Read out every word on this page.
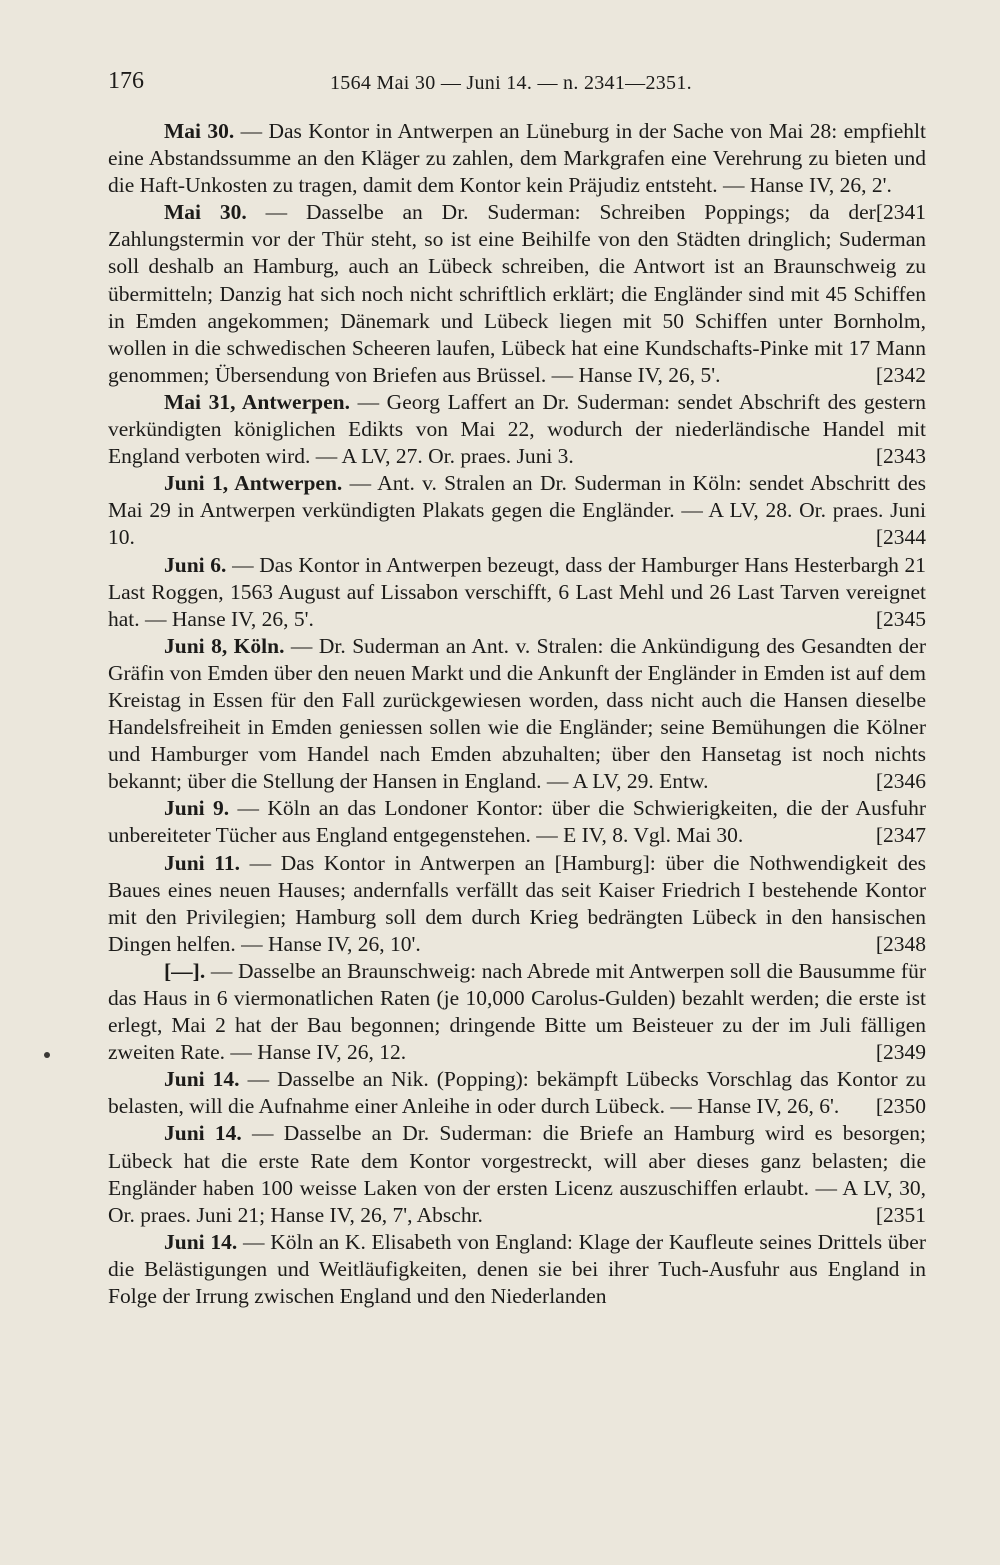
176	1564 Mai 30 — Juni 14. — n. 2341—2351.

Mai 30. — Das Kontor in Antwerpen an Lüneburg in der Sache von Mai 28: empfiehlt eine Abstandssumme an den Kläger zu zahlen, dem Markgrafen eine Verehrung zu bieten und die Haft-Unkosten zu tragen, damit dem Kontor kein Präjudiz entsteht. — Hanse IV, 26, 2'.
[2341

Mai 30. — Dasselbe an Dr. Suderman: Schreiben Poppings; da der Zahlungstermin vor der Thür steht, so ist eine Beihilfe von den Städten dringlich; Suderman soll deshalb an Hamburg, auch an Lübeck schreiben, die Antwort ist an Braunschweig zu übermitteln; Danzig hat sich noch nicht schriftlich erklärt; die Engländer sind mit 45 Schiffen in Emden angekommen; Dänemark und Lübeck liegen mit 50 Schiffen unter Bornholm, wollen in die schwedischen Scheeren laufen, Lübeck hat eine Kundschafts-Pinke mit 17 Mann genommen; Übersendung von Briefen aus Brüssel. — Hanse IV, 26, 5'.	[2342

Mai 31, Antwerpen. — Georg Laffert an Dr. Suderman: sendet Abschrift des gestern verkündigten königlichen Edikts von Mai 22, wodurch der niederländische Handel mit England verboten wird. — A LV, 27. Or. praes. Juni 3.	[2343

Juni 1, Antwerpen. — Ant. v. Stralen an Dr. Suderman in Köln: sendet Abschritt des Mai 29 in Antwerpen verkündigten Plakats gegen die Engländer. — A LV, 28. Or. praes. Juni 10.	[2344

Juni 6. — Das Kontor in Antwerpen bezeugt, dass der Hamburger Hans Hesterbargh 21 Last Roggen, 1563 August auf Lissabon verschifft, 6 Last Mehl und 26 Last Tarven vereignet hat. — Hanse IV, 26, 5'.	[2345

Juni 8, Köln. — Dr. Suderman an Ant. v. Stralen: die Ankündigung des Gesandten der Gräfin von Emden über den neuen Markt und die Ankunft der Engländer in Emden ist auf dem Kreistag in Essen für den Fall zurückgewiesen worden, dass nicht auch die Hansen dieselbe Handelsfreiheit in Emden geniessen sollen wie die Engländer; seine Bemühungen die Kölner und Hamburger vom Handel nach Emden abzuhalten; über den Hansetag ist noch nichts bekannt; über die Stellung der Hansen in England. — A LV, 29. Entw.	[2346

Juni 9. — Köln an das Londoner Kontor: über die Schwierigkeiten, die der Ausfuhr unbereiteter Tücher aus England entgegenstehen. — E IV, 8. Vgl. Mai 30.	[2347

Juni 11. — Das Kontor in Antwerpen an [Hamburg]: über die Nothwendigkeit des Baues eines neuen Hauses; andernfalls verfällt das seit Kaiser Friedrich I bestehende Kontor mit den Privilegien; Hamburg soll dem durch Krieg bedrängten Lübeck in den hansischen Dingen helfen. — Hanse IV, 26, 10'.	[2348

[—]. — Dasselbe an Braunschweig: nach Abrede mit Antwerpen soll die Bausumme für das Haus in 6 viermonatlichen Raten (je 10,000 Carolus-Gulden) bezahlt werden; die erste ist erlegt, Mai 2 hat der Bau begonnen; dringende Bitte um Beisteuer zu der im Juli fälligen zweiten Rate. — Hanse IV, 26, 12.	[2349

Juni 14. — Dasselbe an Nik. (Popping): bekämpft Lübecks Vorschlag das Kontor zu belasten, will die Aufnahme einer Anleihe in oder durch Lübeck. — Hanse IV, 26, 6'. [2350

Juni 14. — Dasselbe an Dr. Suderman: die Briefe an Hamburg wird es besorgen; Lübeck hat die erste Rate dem Kontor vorgestreckt, will aber dieses ganz belasten; die Engländer haben 100 weisse Laken von der ersten Licenz auszuschiffen erlaubt. — A LV, 30, Or. praes. Juni 21; Hanse IV, 26, 7', Abschr.	[2351

Juni 14. — Köln an K. Elisabeth von England: Klage der Kaufleute seines Drittels über die Belästigungen und Weitläufigkeiten, denen sie bei ihrer Tuch-Ausfuhr aus England in Folge der Irrung zwischen England und den Niederlanden
